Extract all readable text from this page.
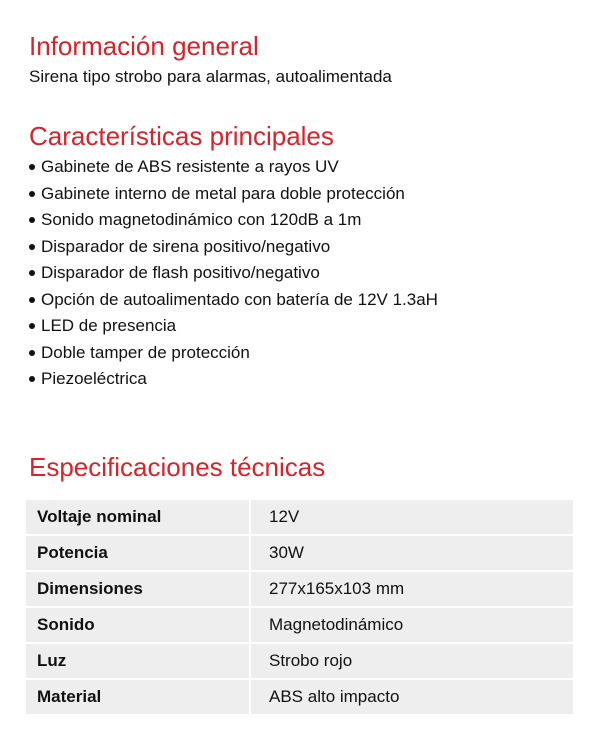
Información general

Sirena tipo strobo para alarmas, autoalimentada

Características principales
Gabinete de ABS resistente a rayos UV
Gabinete interno de metal para doble protección
Sonido magnetodinámico con 120dB a 1m
Disparador de sirena positivo/negativo
Disparador de flash positivo/negativo
Opción de autoalimentado con batería de 12V 1.3aH
LED de presencia
Doble tamper de protección
Piezoeléctrica
Especificaciones técnicas
Voltaje nominal	12V
Potencia	30W
Dimensiones	277x165x103 mm
Sonido	Magnetodinámico
Luz	Strobo rojo
Material	ABS alto impacto
